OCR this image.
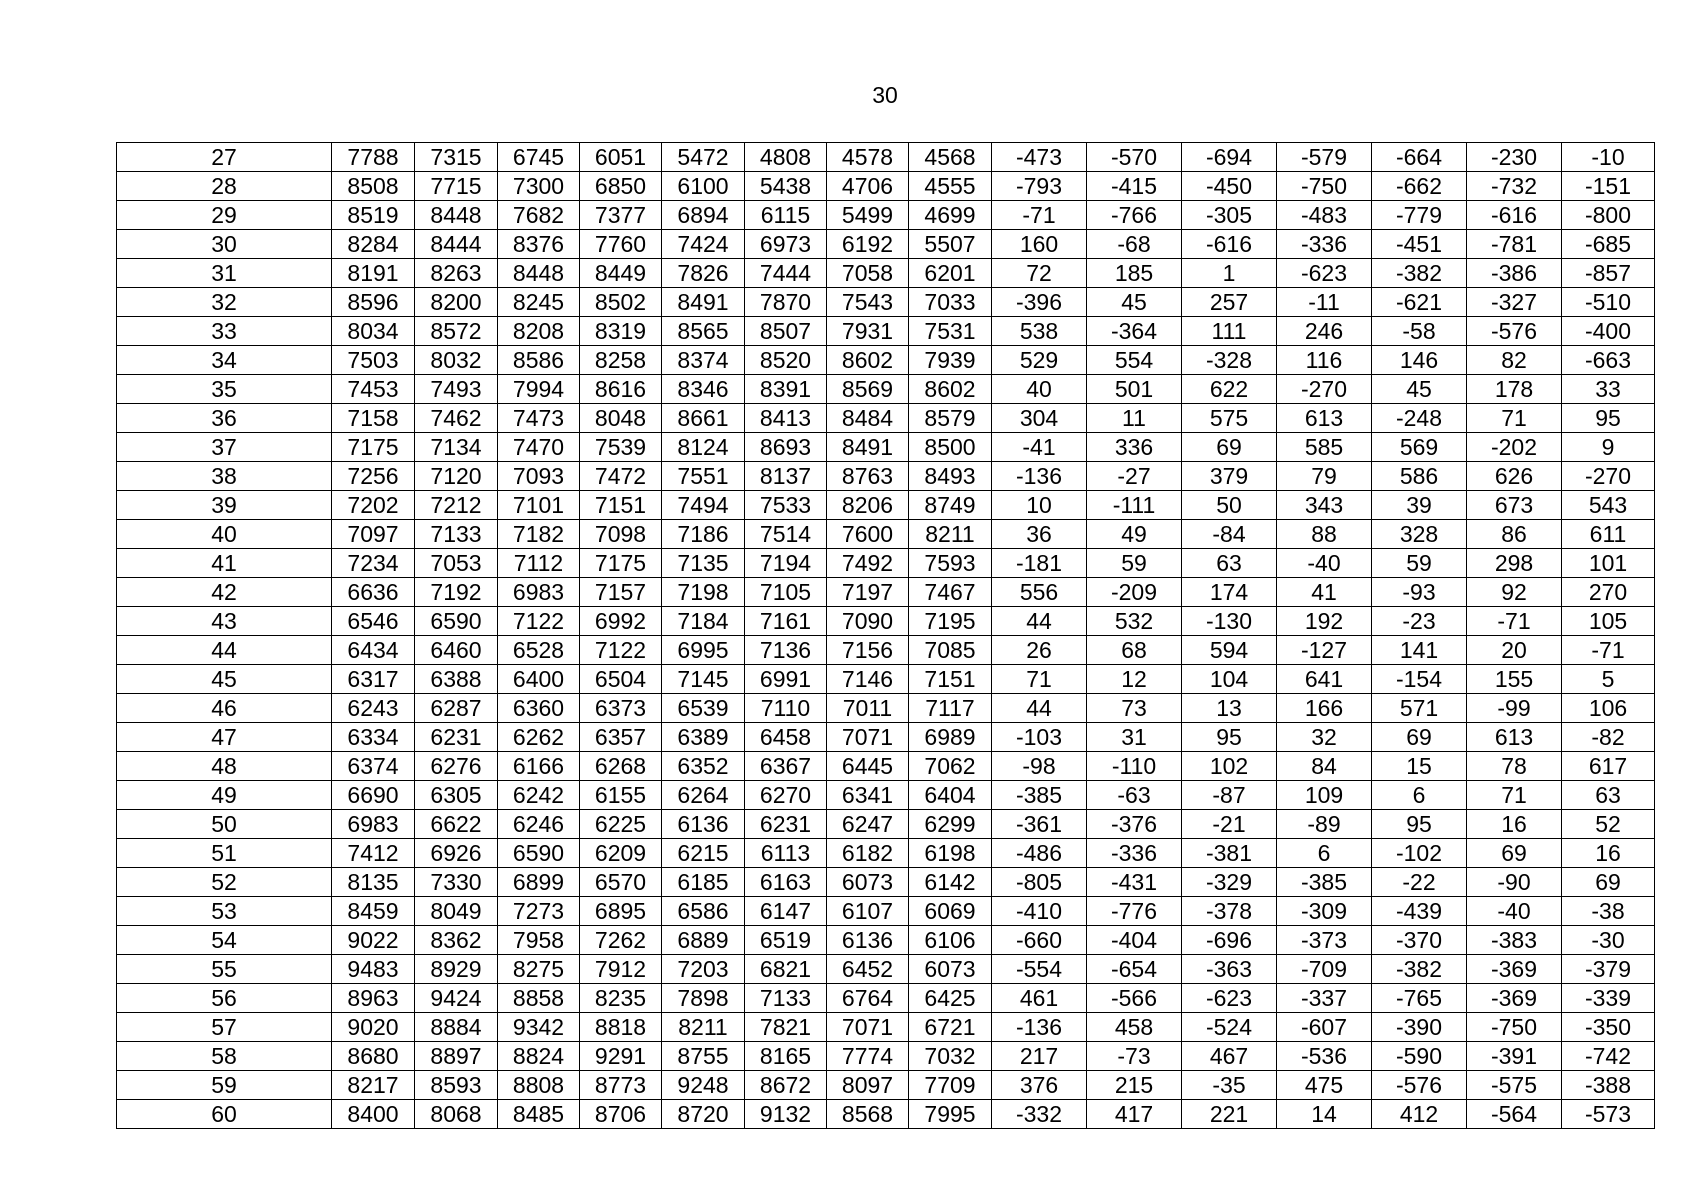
30
27	7788	7315	6745	6051	5472	4808	4578	4568	-473	-570	-694	-579	-664	-230	-10
28	8508	7715	7300	6850	6100	5438	4706	4555	-793	-415	-450	-750	-662	-732	-151
29	8519	8448	7682	7377	6894	6115	5499	4699	-71	-766	-305	-483	-779	-616	-800
30	8284	8444	8376	7760	7424	6973	6192	5507	160	-68	-616	-336	-451	-781	-685
31	8191	8263	8448	8449	7826	7444	7058	6201	72	185	1	-623	-382	-386	-857
32	8596	8200	8245	8502	8491	7870	7543	7033	-396	45	257	-11	-621	-327	-510
33	8034	8572	8208	8319	8565	8507	7931	7531	538	-364	111	246	-58	-576	-400
34	7503	8032	8586	8258	8374	8520	8602	7939	529	554	-328	116	146	82	-663
35	7453	7493	7994	8616	8346	8391	8569	8602	40	501	622	-270	45	178	33
36	7158	7462	7473	8048	8661	8413	8484	8579	304	11	575	613	-248	71	95
37	7175	7134	7470	7539	8124	8693	8491	8500	-41	336	69	585	569	-202	9
38	7256	7120	7093	7472	7551	8137	8763	8493	-136	-27	379	79	586	626	-270
39	7202	7212	7101	7151	7494	7533	8206	8749	10	-111	50	343	39	673	543
40	7097	7133	7182	7098	7186	7514	7600	8211	36	49	-84	88	328	86	611
41	7234	7053	7112	7175	7135	7194	7492	7593	-181	59	63	-40	59	298	101
42	6636	7192	6983	7157	7198	7105	7197	7467	556	-209	174	41	-93	92	270
43	6546	6590	7122	6992	7184	7161	7090	7195	44	532	-130	192	-23	-71	105
44	6434	6460	6528	7122	6995	7136	7156	7085	26	68	594	-127	141	20	-71
45	6317	6388	6400	6504	7145	6991	7146	7151	71	12	104	641	-154	155	5
46	6243	6287	6360	6373	6539	7110	7011	7117	44	73	13	166	571	-99	106
47	6334	6231	6262	6357	6389	6458	7071	6989	-103	31	95	32	69	613	-82
48	6374	6276	6166	6268	6352	6367	6445	7062	-98	-110	102	84	15	78	617
49	6690	6305	6242	6155	6264	6270	6341	6404	-385	-63	-87	109	6	71	63
50	6983	6622	6246	6225	6136	6231	6247	6299	-361	-376	-21	-89	95	16	52
51	7412	6926	6590	6209	6215	6113	6182	6198	-486	-336	-381	6	-102	69	16
52	8135	7330	6899	6570	6185	6163	6073	6142	-805	-431	-329	-385	-22	-90	69
53	8459	8049	7273	6895	6586	6147	6107	6069	-410	-776	-378	-309	-439	-40	-38
54	9022	8362	7958	7262	6889	6519	6136	6106	-660	-404	-696	-373	-370	-383	-30
55	9483	8929	8275	7912	7203	6821	6452	6073	-554	-654	-363	-709	-382	-369	-379
56	8963	9424	8858	8235	7898	7133	6764	6425	461	-566	-623	-337	-765	-369	-339
57	9020	8884	9342	8818	8211	7821	7071	6721	-136	458	-524	-607	-390	-750	-350
58	8680	8897	8824	9291	8755	8165	7774	7032	217	-73	467	-536	-590	-391	-742
59	8217	8593	8808	8773	9248	8672	8097	7709	376	215	-35	475	-576	-575	-388
60	8400	8068	8485	8706	8720	9132	8568	7995	-332	417	221	14	412	-564	-573
